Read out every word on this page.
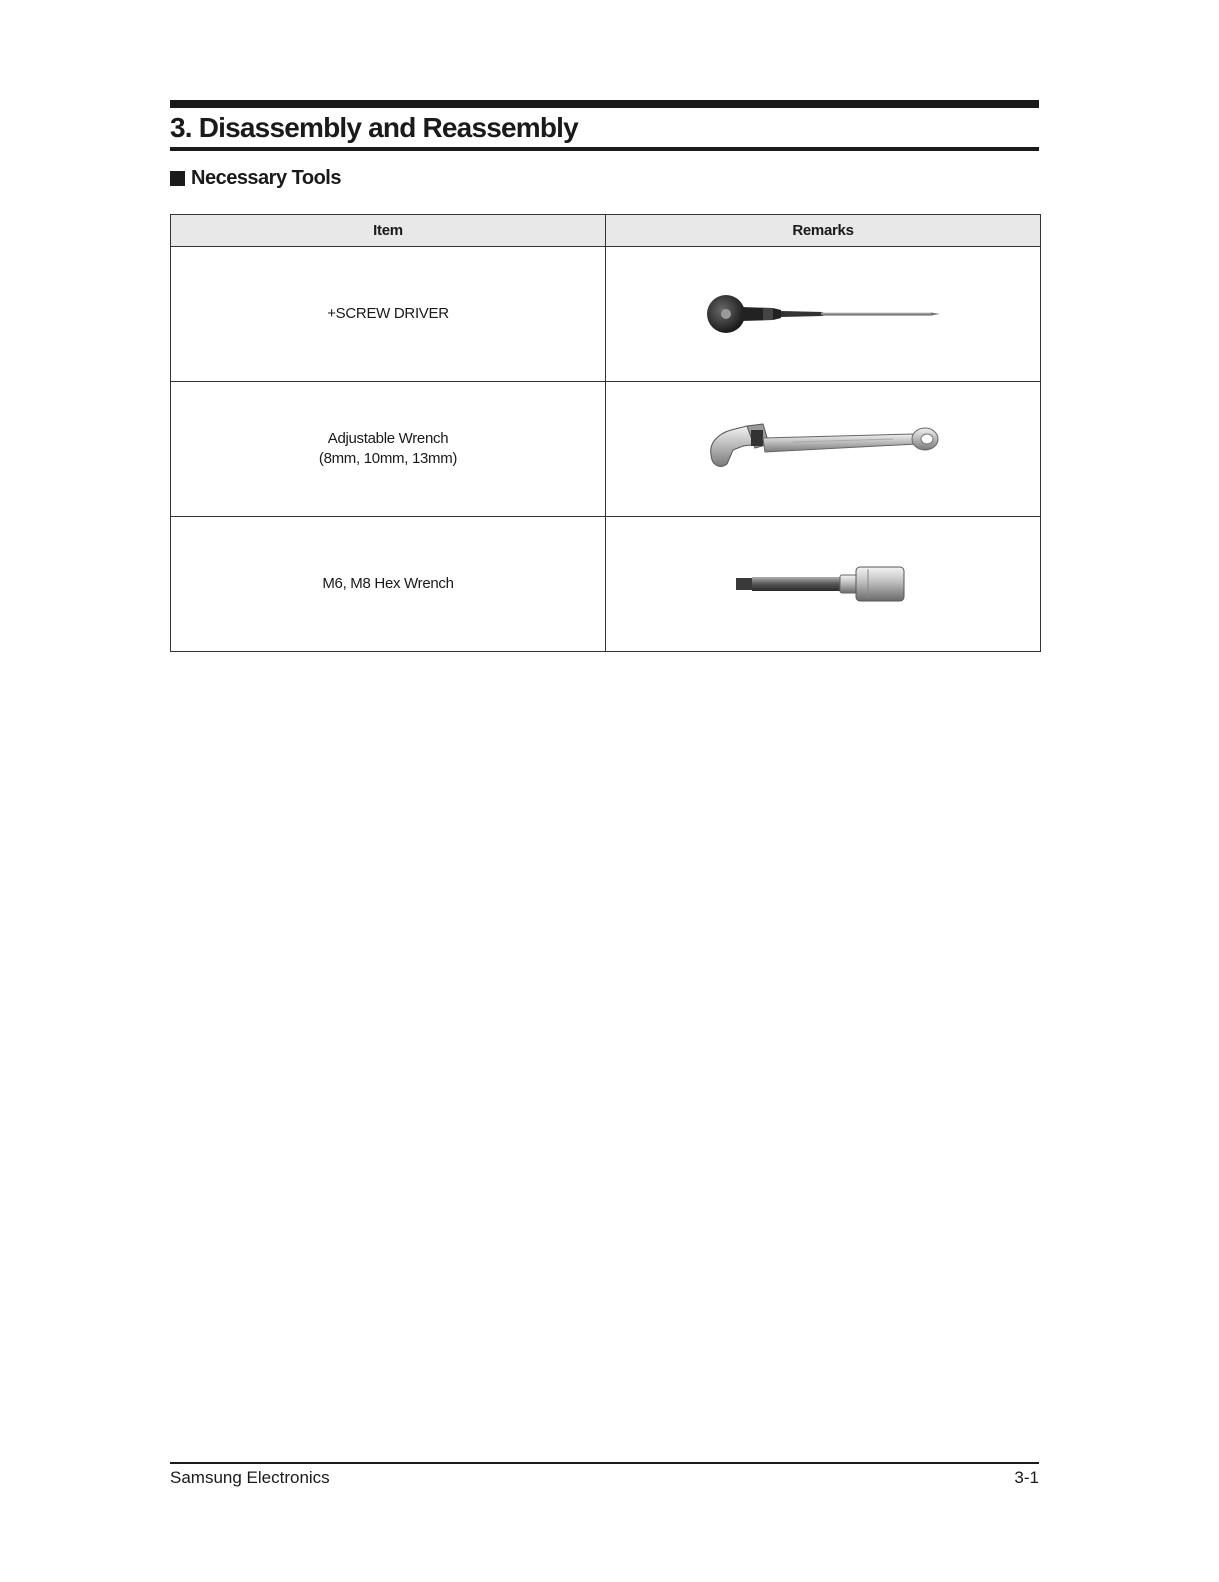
3. Disassembly and Reassembly
Necessary Tools
Item	Remarks

+SCREW DRIVER

Adjustable Wrench
(8mm, 10mm, 13mm)

M6, M8 Hex Wrench

Samsung Electronics	3-1
